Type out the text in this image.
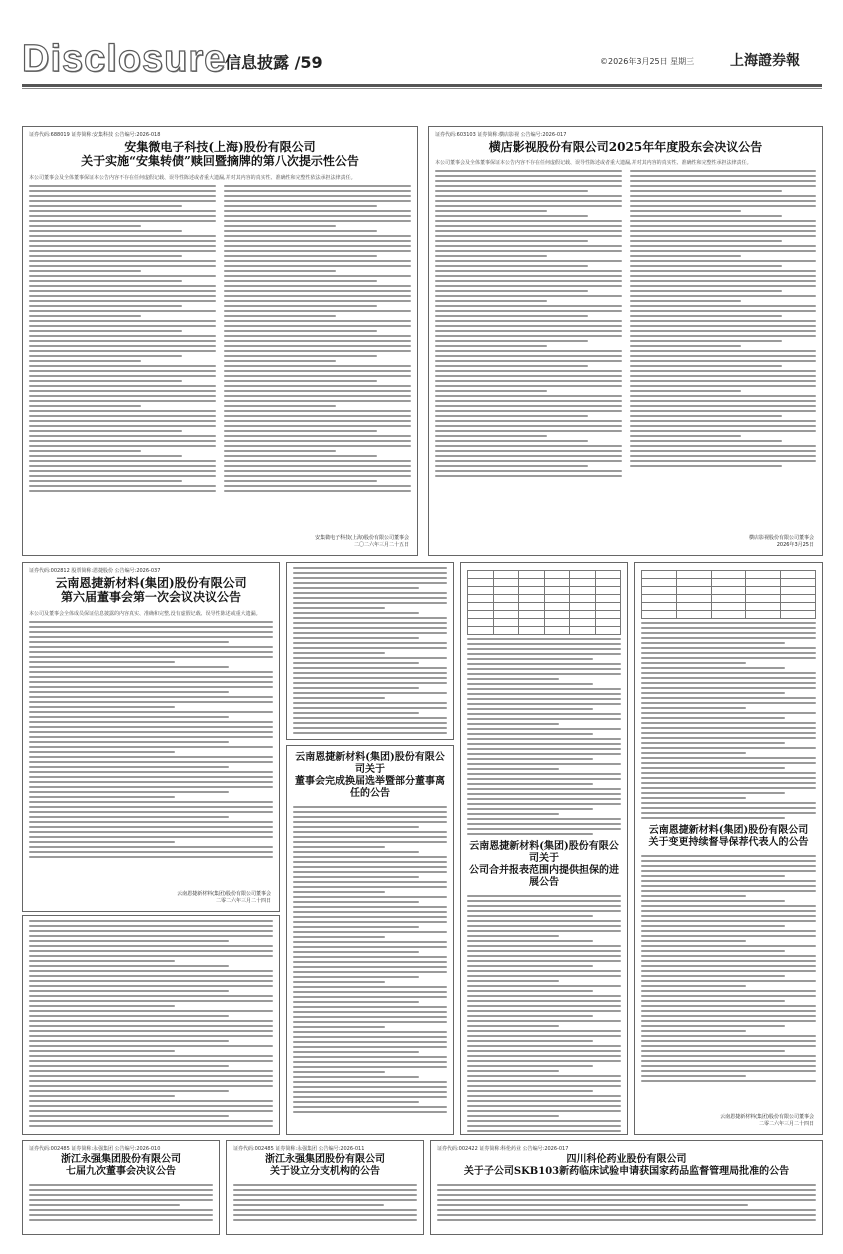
Disclosure
信息披露 /59	©2026年3月25日 星期三	上海證券報
证券代码:688019 证券简称:安集科技 公告编号:2026-018
安集微电子科技(上海)股份有限公司
关于实施“安集转债”赎回暨摘牌的第八次提示性公告
本公司董事会及全体董事保证本公告内容不存在任何虚假记载、误导性陈述或者重大遗漏,并对其内容的真实性、准确性和完整性依法承担法律责任。
安集微电子科技(上海)股份有限公司董事会
二〇二六年三月二十五日
证券代码:603103 证券简称:横店影视 公告编号:2026-017
横店影视股份有限公司2025年年度股东会决议公告
本公司董事会及全体董事保证本公告内容不存在任何虚假记载、误导性陈述或者重大遗漏,并对其内容的真实性、准确性和完整性承担法律责任。
横店影视股份有限公司董事会
2026年3月25日
证券代码:002812 股票简称:恩捷股份 公告编号:2026-037
云南恩捷新材料(集团)股份有限公司
第六届董事会第一次会议决议公告
本公司及董事会全体成员保证信息披露的内容真实、准确和完整,没有虚假记载、误导性陈述或重大遗漏。
云南恩捷新材料(集团)股份有限公司董事会
二零二六年三月二十四日
云南恩捷新材料(集团)股份有限公司关于
董事会完成换届选举暨部分董事离任的公告

云南恩捷新材料(集团)股份有限公司关于
公司合并报表范围内提供担保的进展公告

云南恩捷新材料(集团)股份有限公司
关于变更持续督导保荐代表人的公告
云南恩捷新材料(集团)股份有限公司董事会
二零二六年三月二十四日
证券代码:002485 证券简称:永强集团 公告编号:2026-010
浙江永强集团股份有限公司
七届九次董事会决议公告
证券代码:002485 证券简称:永强集团 公告编号:2026-011
浙江永强集团股份有限公司
关于设立分支机构的公告
证券代码:002422 证券简称:科伦药业 公告编号:2026-017
四川科伦药业股份有限公司
关于子公司SKB103新药临床试验申请获国家药品监督管理局批准的公告
